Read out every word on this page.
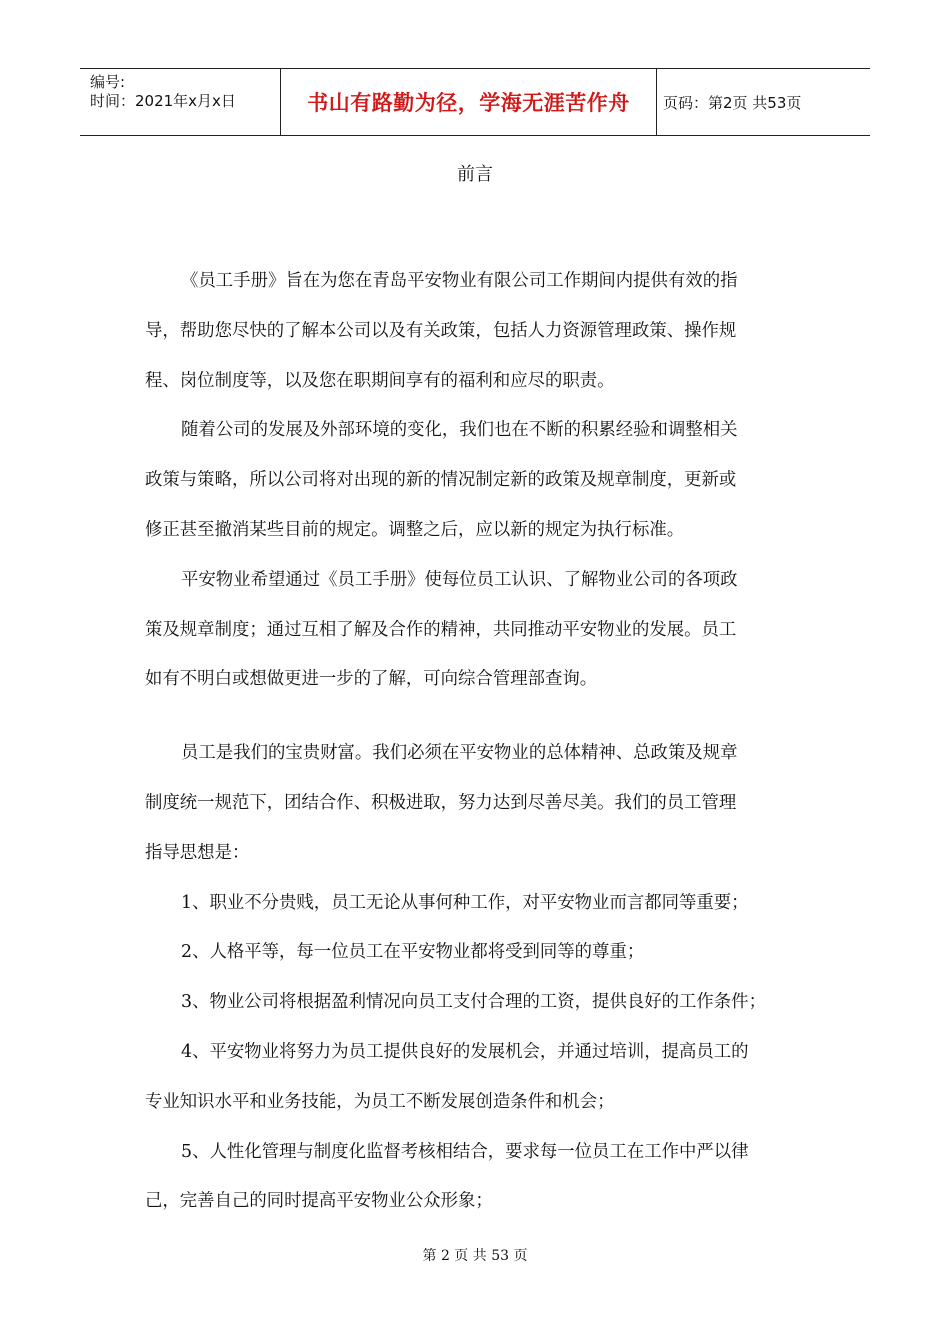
编号:
时间：2021年x月x日	书山有路勤为径，学海无涯苦作舟	页码：第2页 共53页
前言
《员工手册》旨在为您在青岛平安物业有限公司工作期间内提供有效的指
导，帮助您尽快的了解本公司以及有关政策，包括人力资源管理政策、操作规
程、岗位制度等，以及您在职期间享有的福利和应尽的职责。
随着公司的发展及外部环境的变化，我们也在不断的积累经验和调整相关
政策与策略，所以公司将对出现的新的情况制定新的政策及规章制度，更新或
修正甚至撤消某些目前的规定。调整之后，应以新的规定为执行标准。
平安物业希望通过《员工手册》使每位员工认识、了解物业公司的各项政
策及规章制度；通过互相了解及合作的精神，共同推动平安物业的发展。员工
如有不明白或想做更进一步的了解，可向综合管理部查询。
员工是我们的宝贵财富。我们必须在平安物业的总体精神、总政策及规章
制度统一规范下，团结合作、积极进取，努力达到尽善尽美。我们的员工管理
指导思想是：
1、职业不分贵贱，员工无论从事何种工作，对平安物业而言都同等重要；
2、人格平等，每一位员工在平安物业都将受到同等的尊重；
3、物业公司将根据盈利情况向员工支付合理的工资，提供良好的工作条件；
4、平安物业将努力为员工提供良好的发展机会，并通过培训，提高员工的
专业知识水平和业务技能，为员工不断发展创造条件和机会；
5、人性化管理与制度化监督考核相结合，要求每一位员工在工作中严以律
己，完善自己的同时提高平安物业公众形象；
第 2 页 共 53 页
